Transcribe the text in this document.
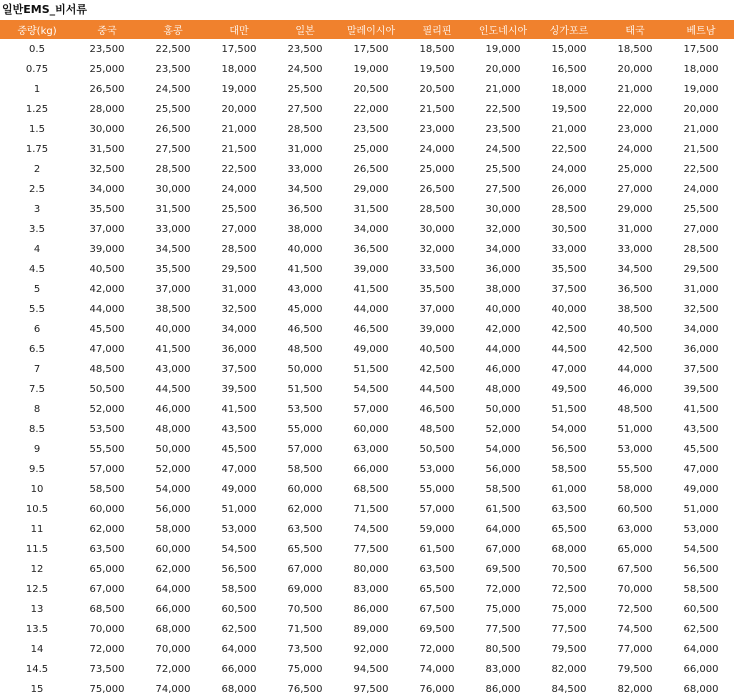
일반EMS_비서류
중량(kg)	중국	홍콩	대만	일본	말레이시아	필리핀	인도네시아	싱가포르	태국	베트남
0.5	23,500	22,500	17,500	23,500	17,500	18,500	19,000	15,000	18,500	17,500
0.75	25,000	23,500	18,000	24,500	19,000	19,500	20,000	16,500	20,000	18,000
1	26,500	24,500	19,000	25,500	20,500	20,500	21,000	18,000	21,000	19,000
1.25	28,000	25,500	20,000	27,500	22,000	21,500	22,500	19,500	22,000	20,000
1.5	30,000	26,500	21,000	28,500	23,500	23,000	23,500	21,000	23,000	21,000
1.75	31,500	27,500	21,500	31,000	25,000	24,000	24,500	22,500	24,000	21,500
2	32,500	28,500	22,500	33,000	26,500	25,000	25,500	24,000	25,000	22,500
2.5	34,000	30,000	24,000	34,500	29,000	26,500	27,500	26,000	27,000	24,000
3	35,500	31,500	25,500	36,500	31,500	28,500	30,000	28,500	29,000	25,500
3.5	37,000	33,000	27,000	38,000	34,000	30,000	32,000	30,500	31,000	27,000
4	39,000	34,500	28,500	40,000	36,500	32,000	34,000	33,000	33,000	28,500
4.5	40,500	35,500	29,500	41,500	39,000	33,500	36,000	35,500	34,500	29,500
5	42,000	37,000	31,000	43,000	41,500	35,500	38,000	37,500	36,500	31,000
5.5	44,000	38,500	32,500	45,000	44,000	37,000	40,000	40,000	38,500	32,500
6	45,500	40,000	34,000	46,500	46,500	39,000	42,000	42,500	40,500	34,000
6.5	47,000	41,500	36,000	48,500	49,000	40,500	44,000	44,500	42,500	36,000
7	48,500	43,000	37,500	50,000	51,500	42,500	46,000	47,000	44,000	37,500
7.5	50,500	44,500	39,500	51,500	54,500	44,500	48,000	49,500	46,000	39,500
8	52,000	46,000	41,500	53,500	57,000	46,500	50,000	51,500	48,500	41,500
8.5	53,500	48,000	43,500	55,000	60,000	48,500	52,000	54,000	51,000	43,500
9	55,500	50,000	45,500	57,000	63,000	50,500	54,000	56,500	53,000	45,500
9.5	57,000	52,000	47,000	58,500	66,000	53,000	56,000	58,500	55,500	47,000
10	58,500	54,000	49,000	60,000	68,500	55,000	58,500	61,000	58,000	49,000
10.5	60,000	56,000	51,000	62,000	71,500	57,000	61,500	63,500	60,500	51,000
11	62,000	58,000	53,000	63,500	74,500	59,000	64,000	65,500	63,000	53,000
11.5	63,500	60,000	54,500	65,500	77,500	61,500	67,000	68,000	65,000	54,500
12	65,000	62,000	56,500	67,000	80,000	63,500	69,500	70,500	67,500	56,500
12.5	67,000	64,000	58,500	69,000	83,000	65,500	72,000	72,500	70,000	58,500
13	68,500	66,000	60,500	70,500	86,000	67,500	75,000	75,000	72,500	60,500
13.5	70,000	68,000	62,500	71,500	89,000	69,500	77,500	77,500	74,500	62,500
14	72,000	70,000	64,000	73,500	92,000	72,000	80,500	79,500	77,000	64,000
14.5	73,500	72,000	66,000	75,000	94,500	74,000	83,000	82,000	79,500	66,000
15	75,000	74,000	68,000	76,500	97,500	76,000	86,000	84,500	82,000	68,000
